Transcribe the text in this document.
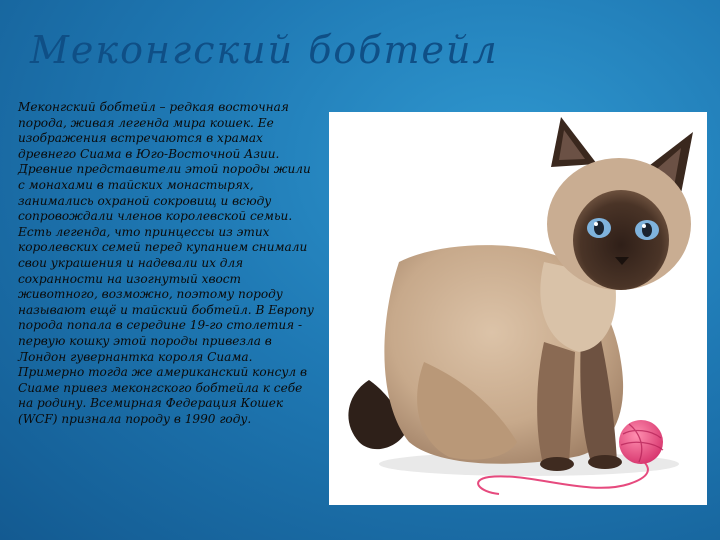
Меконгский бобтейл
Меконгский бобтейл – редкая восточная порода, живая легенда мира кошек. Ее изображения встречаются в храмах древнего Сиама в Юго-Восточной Азии. Древние представители этой породы жили с монахами в тайских монастырях, занимались охраной сокровищ и всюду сопровождали членов королевской семьи. Есть легенда, что принцессы из этих королевских семей перед купанием снимали свои украшения и надевали их для сохранности на изогнутый хвост животного, возможно, поэтому породу называют ещё и тайский бобтейл. В Европу порода попала в середине 19-го столетия - первую кошку этой породы привезла в Лондон гувернантка короля Сиама. Примерно тогда же американский консул в Сиаме привез меконгского бобтейла к себе на родину. Всемирная Федерация Кошек (WCF) признала породу в 1990 году.
